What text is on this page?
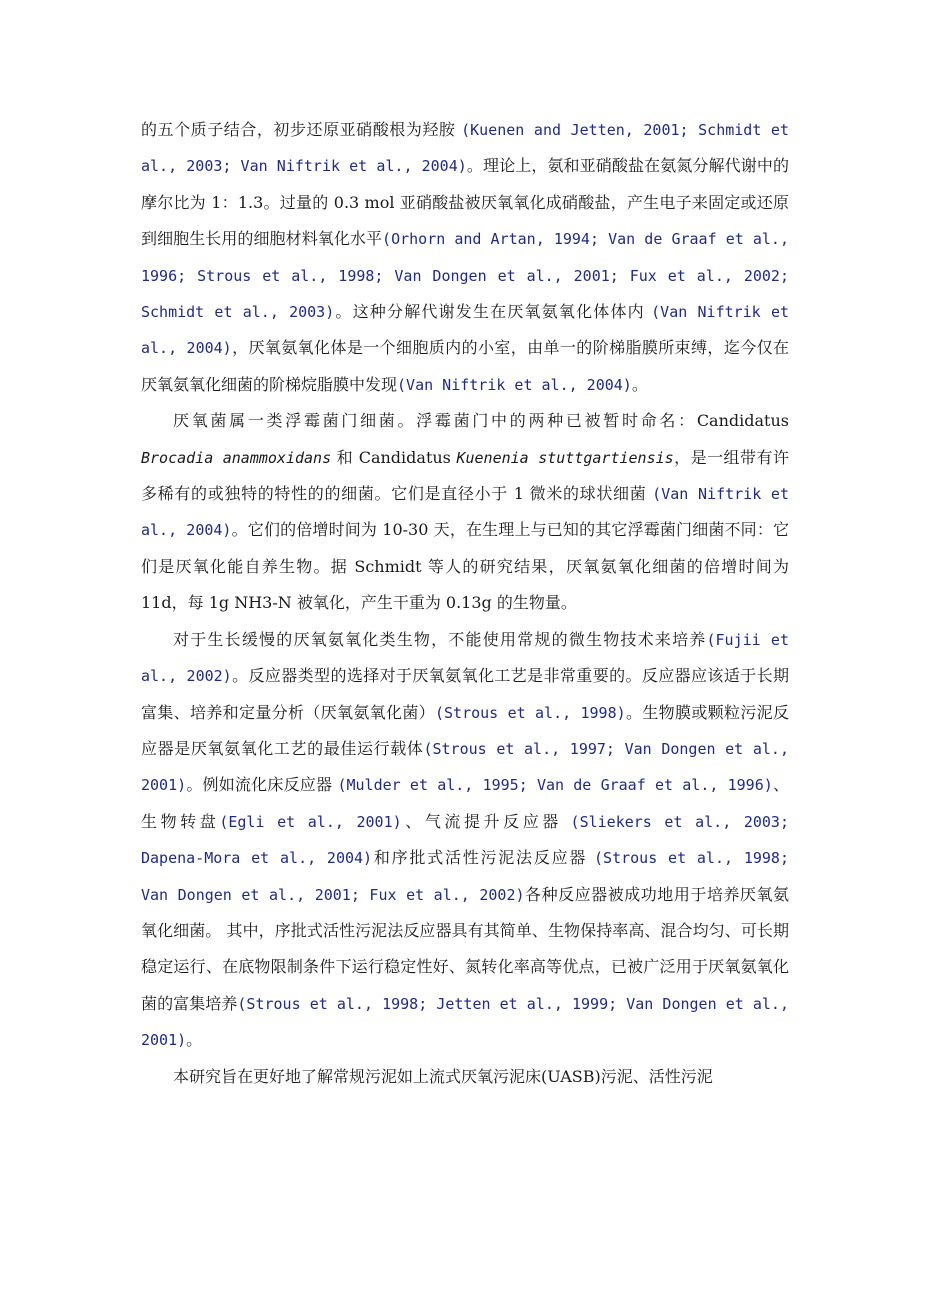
的五个质子结合，初步还原亚硝酸根为羟胺 (Kuenen and Jetten, 2001; Schmidt et al., 2003; Van Niftrik et al., 2004)。理论上，氨和亚硝酸盐在氨氮分解代谢中的摩尔比为 1：1.3。过量的 0.3 mol 亚硝酸盐被厌氧氧化成硝酸盐，产生电子来固定或还原到细胞生长用的细胞材料氧化水平(Orhorn and Artan, 1994; Van de Graaf et al., 1996; Strous et al., 1998; Van Dongen et al., 2001; Fux et al., 2002; Schmidt et al., 2003)。这种分解代谢发生在厌氧氨氧化体体内 (Van Niftrik et al., 2004)，厌氧氨氧化体是一个细胞质内的小室，由单一的阶梯脂膜所束缚，迄今仅在厌氧氨氧化细菌的阶梯烷脂膜中发现(Van Niftrik et al., 2004)。

厌氧菌属一类浮霉菌门细菌。浮霉菌门中的两种已被暂时命名：Candidatus Brocadia anammoxidans 和 Candidatus Kuenenia stuttgartiensis，是一组带有许多稀有的或独特的特性的的细菌。它们是直径小于 1 微米的球状细菌 (Van Niftrik et al., 2004)。它们的倍增时间为 10-30 天，在生理上与已知的其它浮霉菌门细菌不同：它们是厌氧化能自养生物。据 Schmidt 等人的研究结果，厌氧氨氧化细菌的倍增时间为 11d，每 1g NH3-N 被氧化，产生干重为 0.13g 的生物量。

对于生长缓慢的厌氧氨氧化类生物，不能使用常规的微生物技术来培养(Fujii et al., 2002)。反应器类型的选择对于厌氧氨氧化工艺是非常重要的。反应器应该适于长期富集、培养和定量分析（厌氧氨氧化菌）(Strous et al., 1998)。生物膜或颗粒污泥反应器是厌氧氨氧化工艺的最佳运行载体(Strous et al., 1997; Van Dongen et al., 2001)。例如流化床反应器 (Mulder et al., 1995; Van de Graaf et al., 1996)、生物转盘(Egli et al., 2001)、气流提升反应器 (Sliekers et al., 2003; Dapena-Mora et al., 2004)和序批式活性污泥法反应器 (Strous et al., 1998; Van Dongen et al., 2001; Fux et al., 2002)各种反应器被成功地用于培养厌氧氨氧化细菌。 其中，序批式活性污泥法反应器具有其简单、生物保持率高、混合均匀、可长期稳定运行、在底物限制条件下运行稳定性好、氮转化率高等优点，已被广泛用于厌氧氨氧化菌的富集培养(Strous et al., 1998; Jetten et al., 1999; Van Dongen et al., 2001)。

本研究旨在更好地了解常规污泥如上流式厌氧污泥床(UASB)污泥、活性污泥
